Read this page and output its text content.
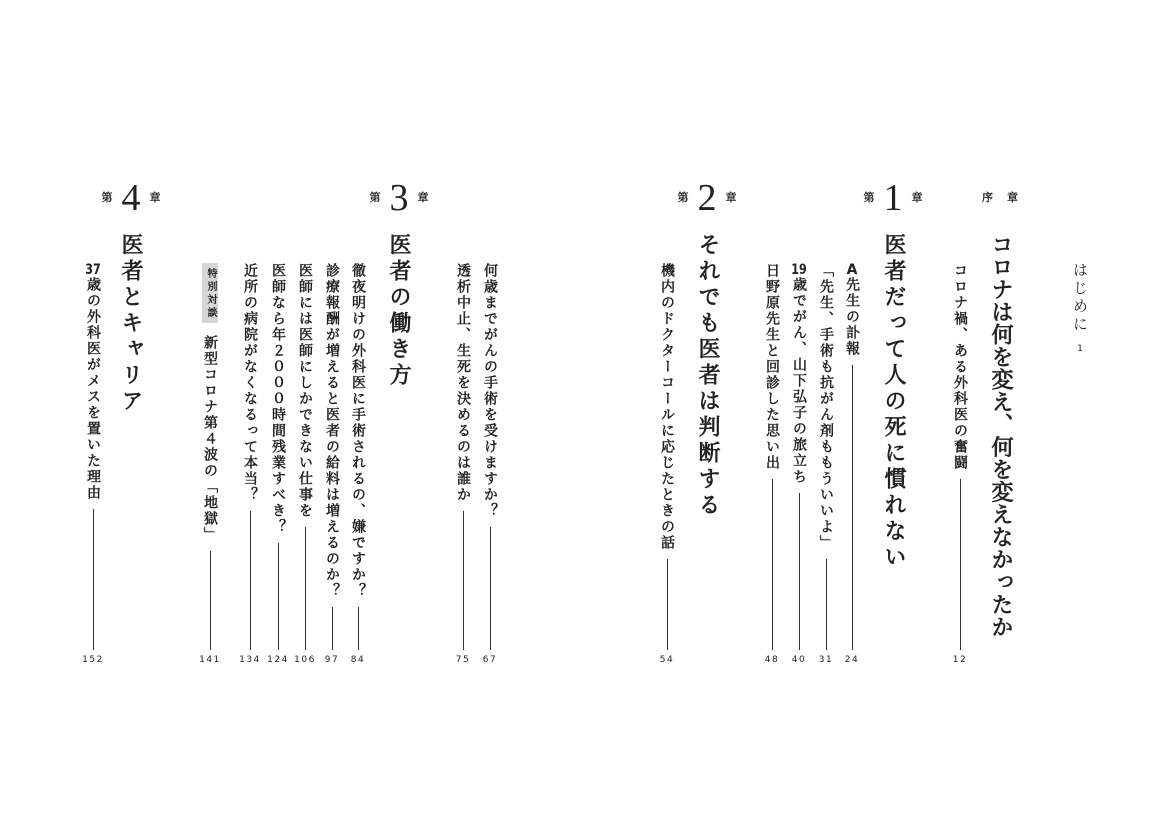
はじめに
1
序 章
コロナは何を変え、何を変えなかったか
コロナ禍、ある外科医の奮闘
12
第 1 章
医者だって人の死に慣れない
A先生の訃報
24
「先生、手術も抗がん剤ももういいよ」
31
19歳でがん、山下弘子の旅立ち
40
日野原先生と回診した思い出
48
第 2 章
それでも医者は判断する
機内のドクターコールに応じたときの話
54
何歳までがんの手術を受けますか？
67
透析中止、生死を決めるのは誰か
75
第 3 章
医者の働き方
徹夜明けの外科医に手術されるの、嫌ですか？
84
診療報酬が増えると医者の給料は増えるのか？
97
医師には医師にしかできない仕事を
106
医師なら年２０００時間残業すべき？
124
近所の病院がなくなるって本当？
134
特別対談
新型コロナ第４波の「地獄」
141
第 4 章
医者とキャリア
37歳の外科医がメスを置いた理由
152
